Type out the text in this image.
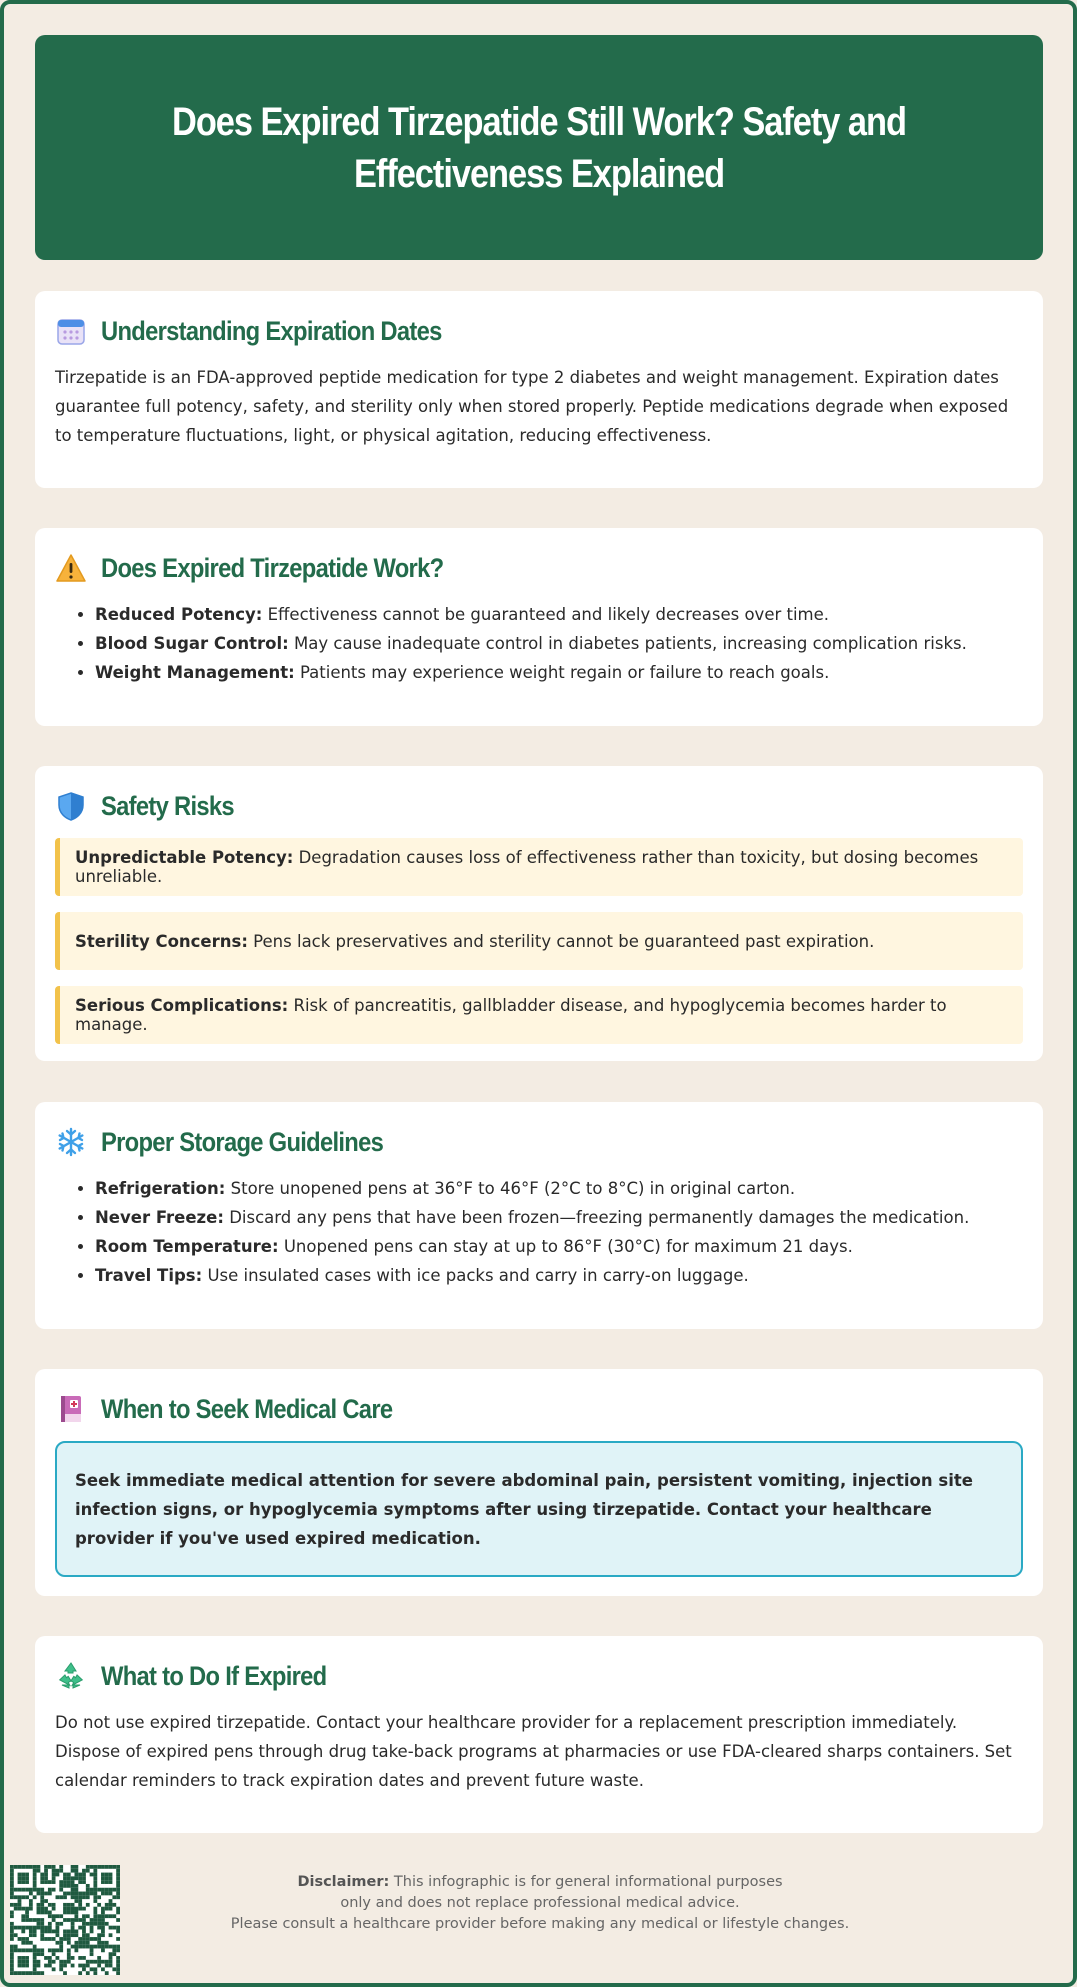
Does Expired Tirzepatide Still Work? Safety and Effectiveness Explained
Understanding Expiration Dates

Tirzepatide is an FDA-approved peptide medication for type 2 diabetes and weight management. Expiration dates guarantee full potency, safety, and sterility only when stored properly. Peptide medications degrade when exposed to temperature fluctuations, light, or physical agitation, reducing effectiveness.

Does Expired Tirzepatide Work?
• Reduced Potency: Effectiveness cannot be guaranteed and likely decreases over time.
• Blood Sugar Control: May cause inadequate control in diabetes patients, increasing complication risks.
• Weight Management: Patients may experience weight regain or failure to reach goals.
Safety Risks
Unpredictable Potency: Degradation causes loss of effectiveness rather than toxicity, but dosing becomes unreliable.
Sterility Concerns: Pens lack preservatives and sterility cannot be guaranteed past expiration.
Serious Complications: Risk of pancreatitis, gallbladder disease, and hypoglycemia becomes harder to manage.
Proper Storage Guidelines
• Refrigeration: Store unopened pens at 36°F to 46°F (2°C to 8°C) in original carton.
• Never Freeze: Discard any pens that have been frozen—freezing permanently damages the medication.
• Room Temperature: Unopened pens can stay at up to 86°F (30°C) for maximum 21 days.
• Travel Tips: Use insulated cases with ice packs and carry in carry-on luggage.
When to Seek Medical Care
Seek immediate medical attention for severe abdominal pain, persistent vomiting, injection site infection signs, or hypoglycemia symptoms after using tirzepatide. Contact your healthcare provider if you've used expired medication.
What to Do If Expired

Do not use expired tirzepatide. Contact your healthcare provider for a replacement prescription immediately. Dispose of expired pens through drug take-back programs at pharmacies or use FDA-cleared sharps containers. Set calendar reminders to track expiration dates and prevent future waste.

Disclaimer: This infographic is for general informational purposes
only and does not replace professional medical advice.
Please consult a healthcare provider before making any medical or lifestyle changes.
